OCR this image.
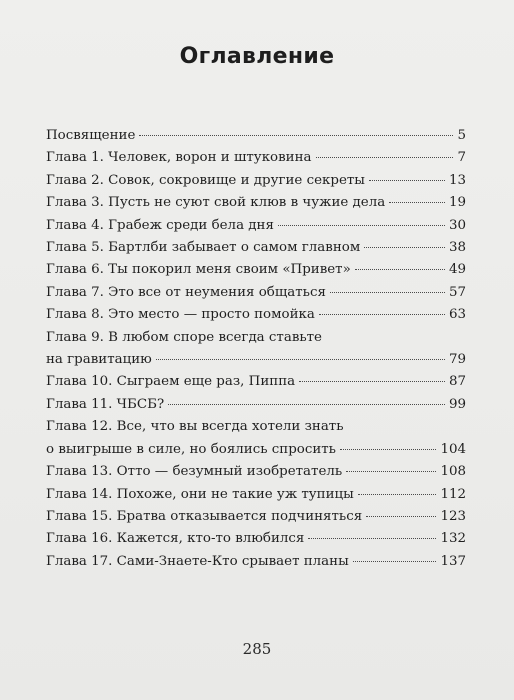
Оглавление
Посвящение	5
Глава 1. Человек, ворон и штуковина	7
Глава 2. Совок, сокровище и другие секреты	13
Глава 3. Пусть не суют свой клюв в чужие дела	19
Глава 4. Грабеж среди бела дня	30
Глава 5. Бартлби забывает о самом главном	38
Глава 6. Ты покорил меня своим «Привет»	49
Глава 7. Это все от неумения общаться	57
Глава 8. Это место — просто помойка	63
Глава 9. В любом споре всегда ставьте
на гравитацию	79
Глава 10. Сыграем еще раз, Пиппа	87
Глава 11. ЧБСБ?	99
Глава 12. Все, что вы всегда хотели знать
о выигрыше в силе, но боялись спросить	104
Глава 13. Отто — безумный изобретатель	108
Глава 14. Похоже, они не такие уж тупицы	112
Глава 15. Братва отказывается подчиняться	123
Глава 16. Кажется, кто-то влюбился	132
Глава 17. Сами-Знаете-Кто срывает планы	137
285
